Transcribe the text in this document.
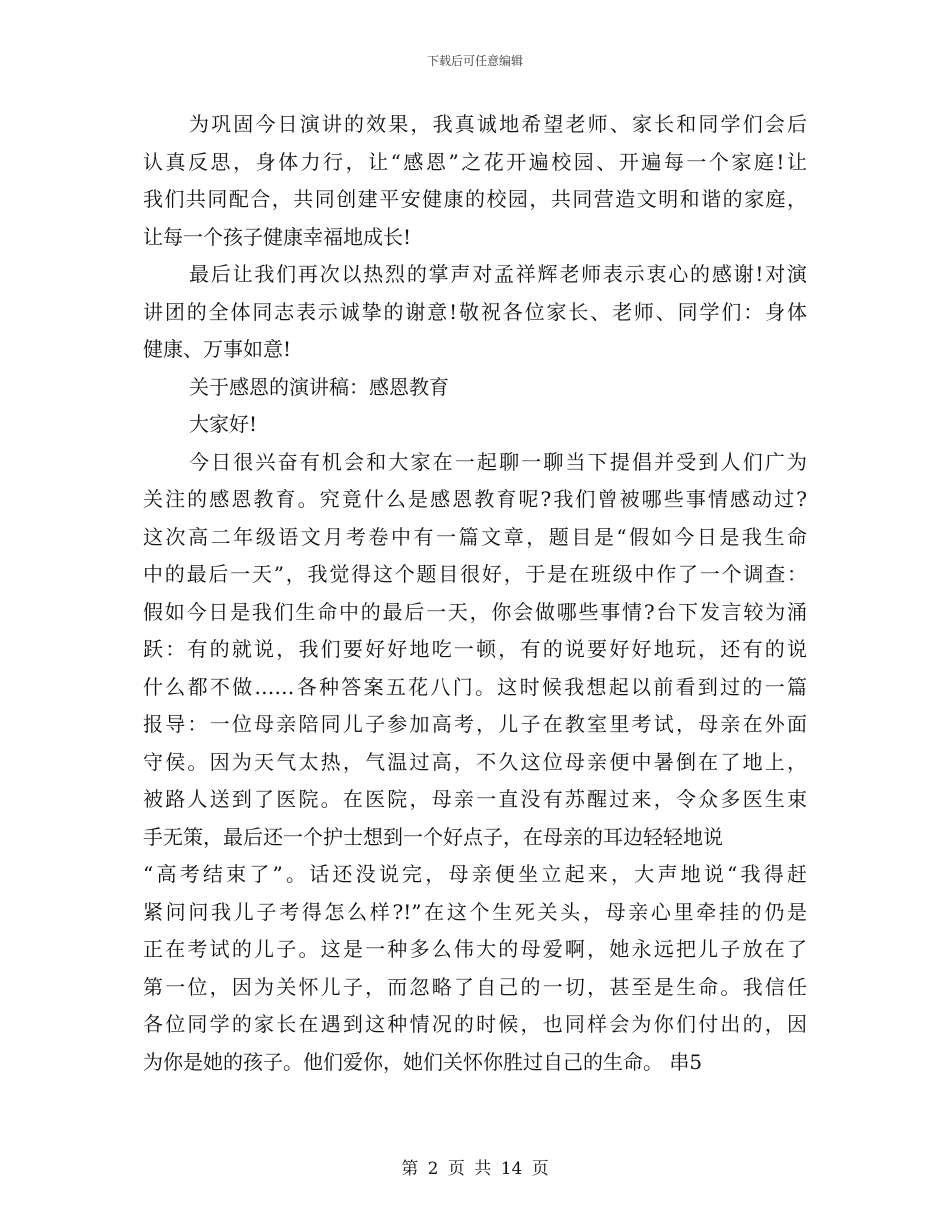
下载后可任意编辑
为巩固今日演讲的效果，我真诚地希望老师、家长和同学们会后
认真反思，身体力行，让“感恩”之花开遍校园、开遍每一个家庭!让
我们共同配合，共同创建平安健康的校园，共同营造文明和谐的家庭，
让每一个孩子健康幸福地成长!
最后让我们再次以热烈的掌声对孟祥辉老师表示衷心的感谢!对演
讲团的全体同志表示诚挚的谢意!敬祝各位家长、老师、同学们：身体
健康、万事如意!
关于感恩的演讲稿：感恩教育
大家好!
今日很兴奋有机会和大家在一起聊一聊当下提倡并受到人们广为
关注的感恩教育。究竟什么是感恩教育呢?我们曾被哪些事情感动过?
这次高二年级语文月考卷中有一篇文章，题目是“假如今日是我生命
中的最后一天”，我觉得这个题目很好，于是在班级中作了一个调查：
假如今日是我们生命中的最后一天，你会做哪些事情?台下发言较为涌
跃：有的就说，我们要好好地吃一顿，有的说要好好地玩，还有的说
什么都不做……各种答案五花八门。这时候我想起以前看到过的一篇
报导：一位母亲陪同儿子参加高考，儿子在教室里考试，母亲在外面
守侯。因为天气太热，气温过高，不久这位母亲便中暑倒在了地上，
被路人送到了医院。在医院，母亲一直没有苏醒过来，令众多医生束
手无策，最后还一个护士想到一个好点子，在母亲的耳边轻轻地说
“高考结束了”。话还没说完，母亲便坐立起来，大声地说“我得赶
紧问问我儿子考得怎么样?!”在这个生死关头，母亲心里牵挂的仍是
正在考试的儿子。这是一种多么伟大的母爱啊，她永远把儿子放在了
第一位，因为关怀儿子，而忽略了自己的一切，甚至是生命。我信任
各位同学的家长在遇到这种情况的时候，也同样会为你们付出的，因
为你是她的孩子。他们爱你，她们关怀你胜过自己的生命。 串5
第 2 页 共 14 页
